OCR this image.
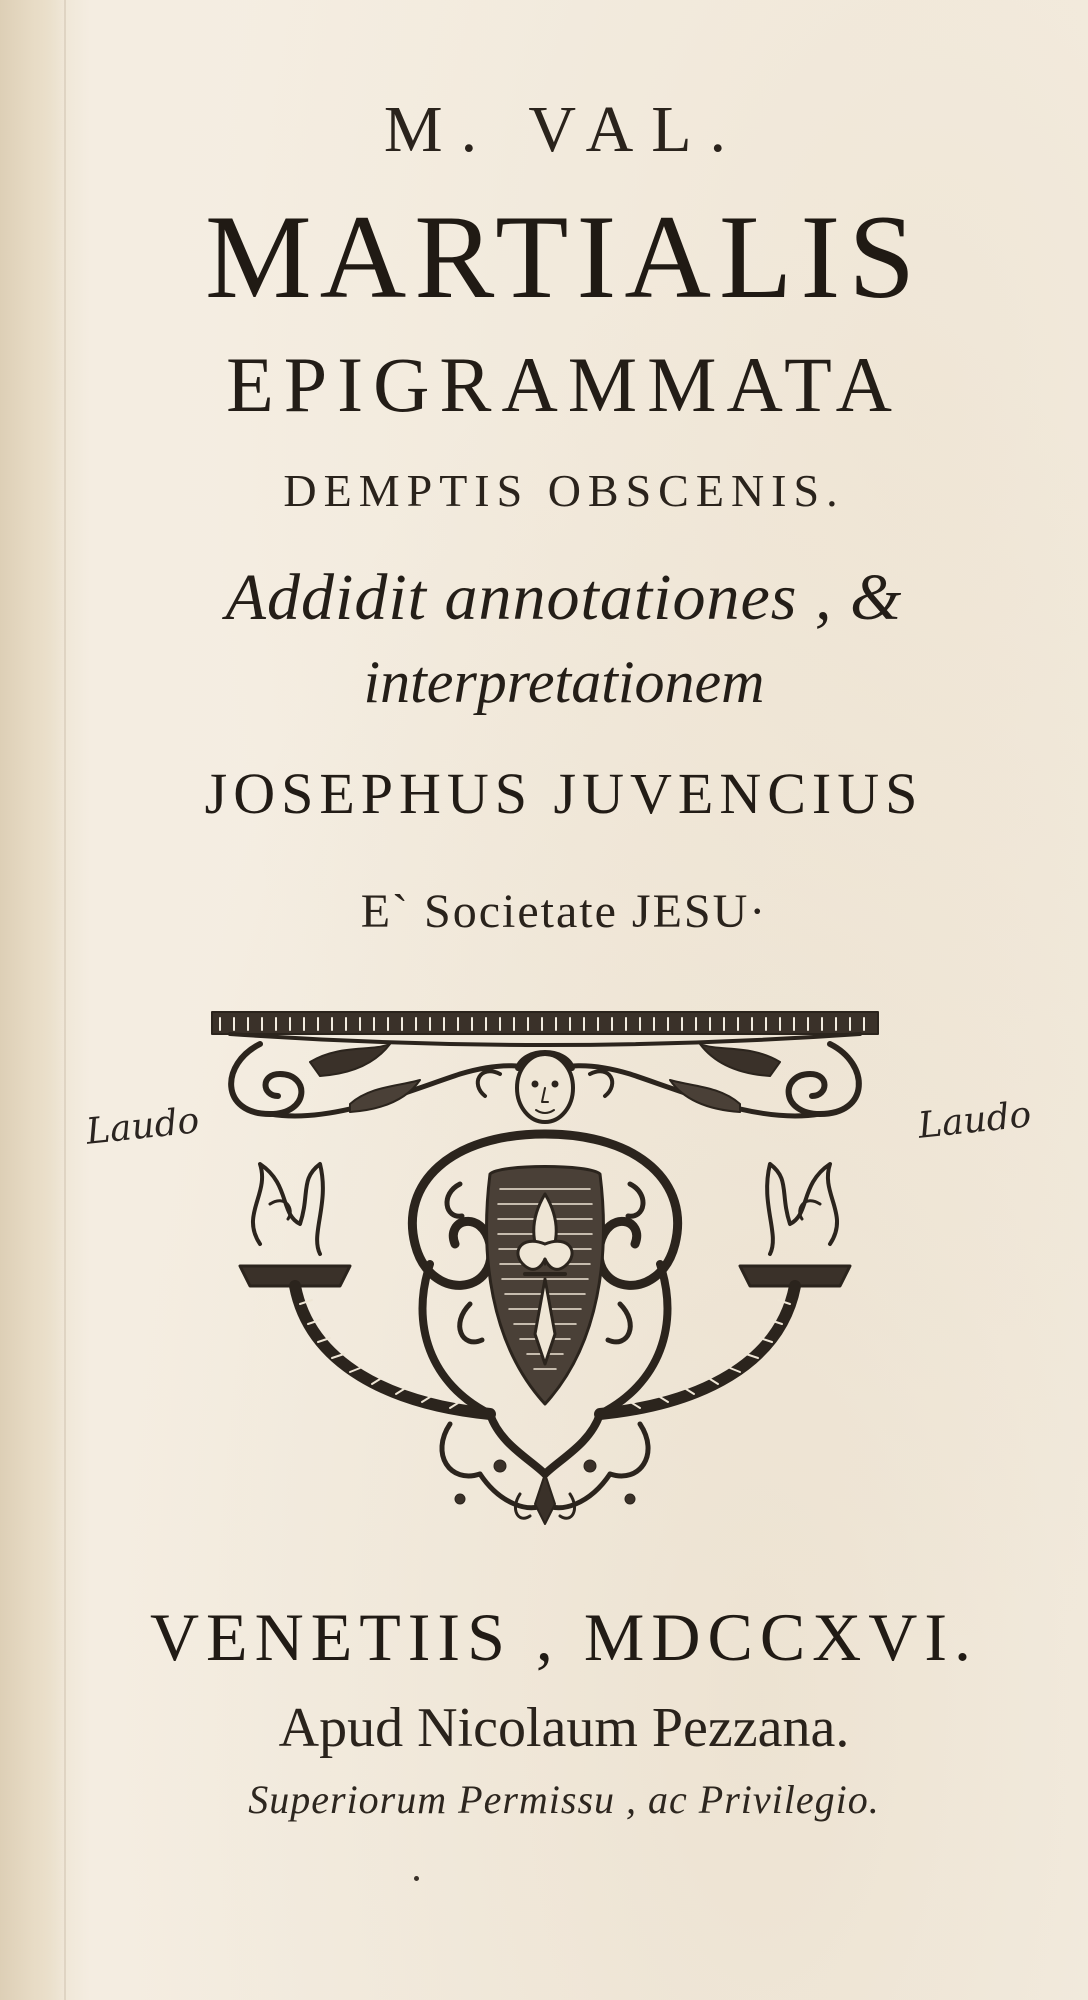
M. VAL.
MARTIALIS
EPIGRAMMATA
DEMPTIS OBSCENIS.
Addidit annotationes , &
interpretationem
JOSEPHUS JUVENCIUS
E` Societate JESU·
Laudo	Laudo
VENETIIS , MDCCXVI.
Apud Nicolaum Pezzana.
Superiorum Permissu , ac Privilegio.
